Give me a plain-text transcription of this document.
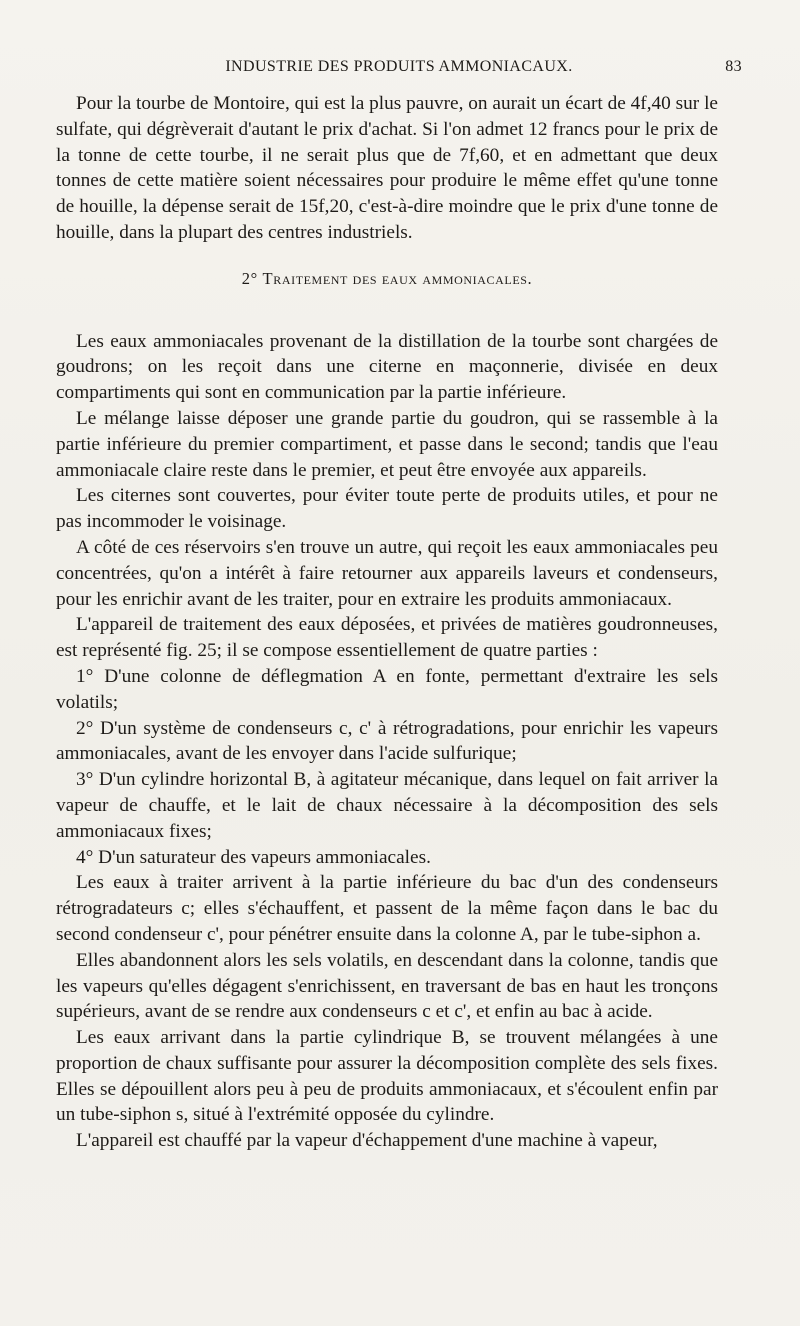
INDUSTRIE DES PRODUITS AMMONIACAUX.	83

Pour la tourbe de Montoire, qui est la plus pauvre, on aurait un écart de 4f,40 sur le sulfate, qui dégrèverait d'autant le prix d'achat. Si l'on admet 12 francs pour le prix de la tonne de cette tourbe, il ne serait plus que de 7f,60, et en admettant que deux tonnes de cette matière soient nécessaires pour produire le même effet qu'une tonne de houille, la dépense serait de 15f,20, c'est-à-dire moindre que le prix d'une tonne de houille, dans la plupart des centres industriels.

2° Traitement des eaux ammoniacales.

Les eaux ammoniacales provenant de la distillation de la tourbe sont chargées de goudrons; on les reçoit dans une citerne en maçonnerie, divisée en deux compartiments qui sont en communication par la partie inférieure.

Le mélange laisse déposer une grande partie du goudron, qui se rassemble à la partie inférieure du premier compartiment, et passe dans le second; tandis que l'eau ammoniacale claire reste dans le premier, et peut être envoyée aux appareils.

Les citernes sont couvertes, pour éviter toute perte de produits utiles, et pour ne pas incommoder le voisinage.

A côté de ces réservoirs s'en trouve un autre, qui reçoit les eaux ammoniacales peu concentrées, qu'on a intérêt à faire retourner aux appareils laveurs et condenseurs, pour les enrichir avant de les traiter, pour en extraire les produits ammoniacaux.

L'appareil de traitement des eaux déposées, et privées de matières goudronneuses, est représenté fig. 25; il se compose essentiellement de quatre parties :

1° D'une colonne de déflegmation A en fonte, permettant d'extraire les sels volatils;

2° D'un système de condenseurs c, c' à rétrogradations, pour enrichir les vapeurs ammoniacales, avant de les envoyer dans l'acide sulfurique;

3° D'un cylindre horizontal B, à agitateur mécanique, dans lequel on fait arriver la vapeur de chauffe, et le lait de chaux nécessaire à la décomposition des sels ammoniacaux fixes;

4° D'un saturateur des vapeurs ammoniacales.

Les eaux à traiter arrivent à la partie inférieure du bac d'un des condenseurs rétrogradateurs c; elles s'échauffent, et passent de la même façon dans le bac du second condenseur c', pour pénétrer ensuite dans la colonne A, par le tube-siphon a.

Elles abandonnent alors les sels volatils, en descendant dans la colonne, tandis que les vapeurs qu'elles dégagent s'enrichissent, en traversant de bas en haut les tronçons supérieurs, avant de se rendre aux condenseurs c et c', et enfin au bac à acide.

Les eaux arrivant dans la partie cylindrique B, se trouvent mélangées à une proportion de chaux suffisante pour assurer la décomposition complète des sels fixes. Elles se dépouillent alors peu à peu de produits ammoniacaux, et s'écoulent enfin par un tube-siphon s, situé à l'extrémité opposée du cylindre.

L'appareil est chauffé par la vapeur d'échappement d'une machine à vapeur,
